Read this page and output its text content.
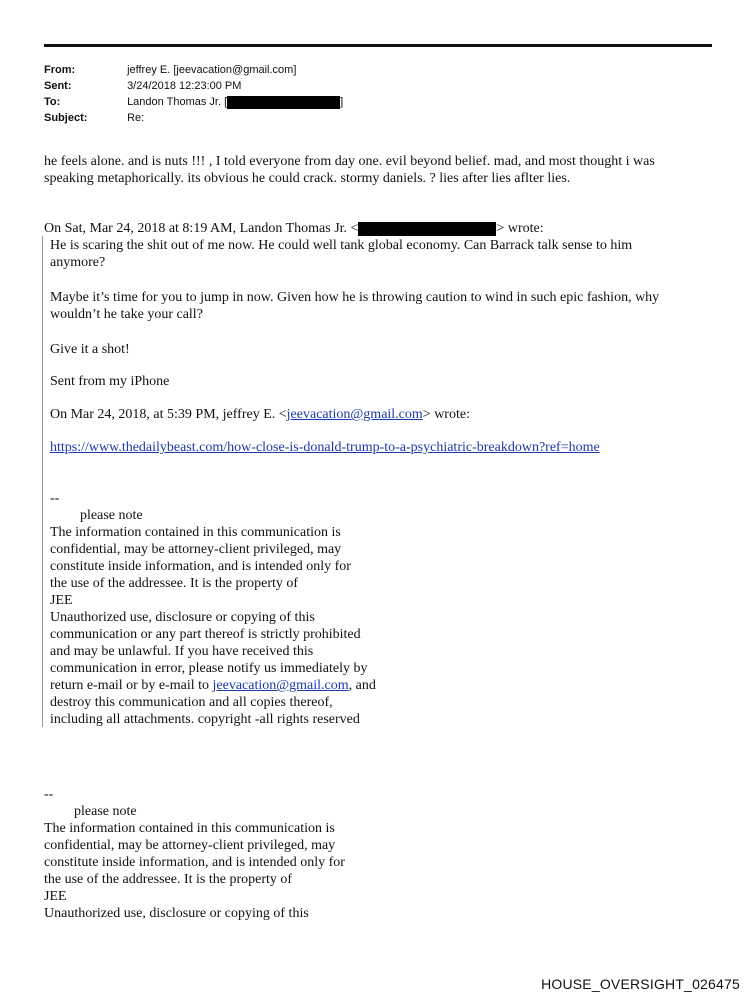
From:	jeffrey E. [jeevacation@gmail.com]
Sent:	3/24/2018 12:23:00 PM
To:	Landon Thomas Jr. [	]
Subject:	Re:
he feels alone. and is nuts !!! , I told everyone from day one. evil beyond belief. mad, and most thought i was
speaking metaphorically. its obvious he could crack. stormy daniels. ? lies after lies aflter lies.
On Sat, Mar 24, 2018 at 8:19 AM, Landon Thomas Jr. <	> wrote:
He is scaring the shit out of me now. He could well tank global economy. Can Barrack talk sense to him
anymore?
Maybe it’s time for you to jump in now. Given how he is throwing caution to wind in such epic fashion, why
wouldn’t he take your call?
Give it a shot!
Sent from my iPhone
On Mar 24, 2018, at 5:39 PM, jeffrey E. <jeevacation@gmail.com> wrote:
https://www.thedailybeast.com/how-close-is-donald-trump-to-a-psychiatric-breakdown?ref=home
--
please note
The information contained in this communication is
confidential, may be attorney-client privileged, may
constitute inside information, and is intended only for
the use of the addressee. It is the property of
JEE
Unauthorized use, disclosure or copying of this
communication or any part thereof is strictly prohibited
and may be unlawful. If you have received this
communication in error, please notify us immediately by
return e-mail or by e-mail to jeevacation@gmail.com, and
destroy this communication and all copies thereof,
including all attachments. copyright -all rights reserved
--
please note
The information contained in this communication is
confidential, may be attorney-client privileged, may
constitute inside information, and is intended only for
the use of the addressee. It is the property of
JEE
Unauthorized use, disclosure or copying of this
HOUSE_OVERSIGHT_026475
